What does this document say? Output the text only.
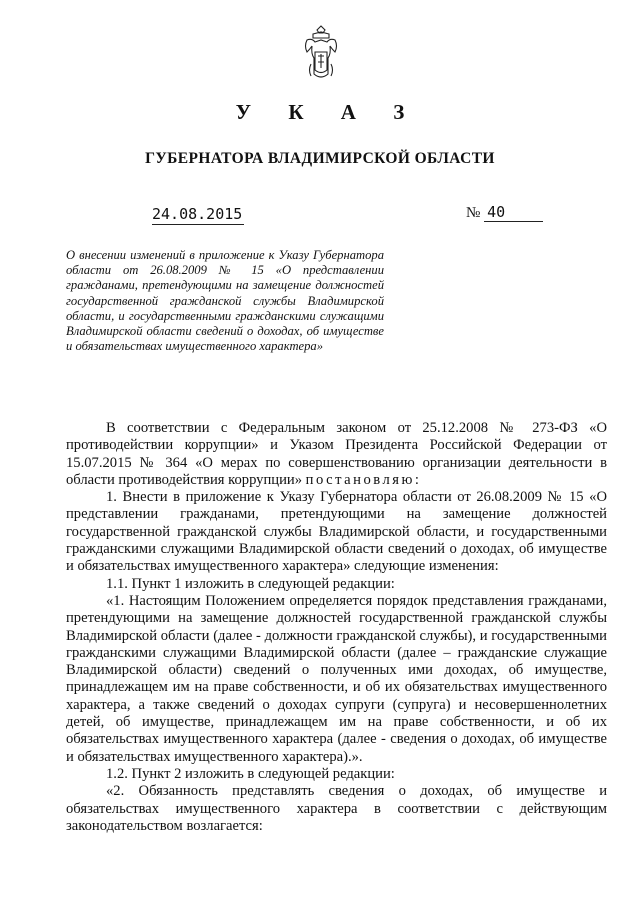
У К А З
ГУБЕРНАТОРА ВЛАДИМИРСКОЙ ОБЛАСТИ
24.08.2015	№ 40
О внесении изменений в приложение к Указу Губернатора области от 26.08.2009 № 15 «О представлении гражданами, претендующими на замещение должностей государственной гражданской службы Владимирской области, и государственными гражданскими служащими Владимирской области сведений о доходах, об имуществе и обязательствах имущественного характера»

В соответствии с Федеральным законом от 25.12.2008 № 273-ФЗ «О противодействии коррупции» и Указом Президента Российской Федерации от 15.07.2015 № 364 «О мерах по совершенствованию организации деятельности в области противодействия коррупции» постановляю:

1. Внести в приложение к Указу Губернатора области от 26.08.2009 № 15 «О представлении гражданами, претендующими на замещение должностей государственной гражданской службы Владимирской области, и государственными гражданскими служащими Владимирской области сведений о доходах, об имуществе и обязательствах имущественного характера» следующие изменения:

1.1. Пункт 1 изложить в следующей редакции:

«1. Настоящим Положением определяется порядок представления гражданами, претендующими на замещение должностей государственной гражданской службы Владимирской области (далее - должности гражданской службы), и государственными гражданскими служащими Владимирской области (далее – гражданские служащие Владимирской области) сведений о полученных ими доходах, об имуществе, принадлежащем им на праве собственности, и об их обязательствах имущественного характера, а также сведений о доходах супруги (супруга) и несовершеннолетних детей, об имуществе, принадлежащем им на праве собственности, и об их обязательствах имущественного характера (далее - сведения о доходах, об имуществе и обязательствах имущественного характера).».

1.2. Пункт 2 изложить в следующей редакции:

«2. Обязанность представлять сведения о доходах, об имуществе и обязательствах имущественного характера в соответствии с действующим законодательством возлагается:
